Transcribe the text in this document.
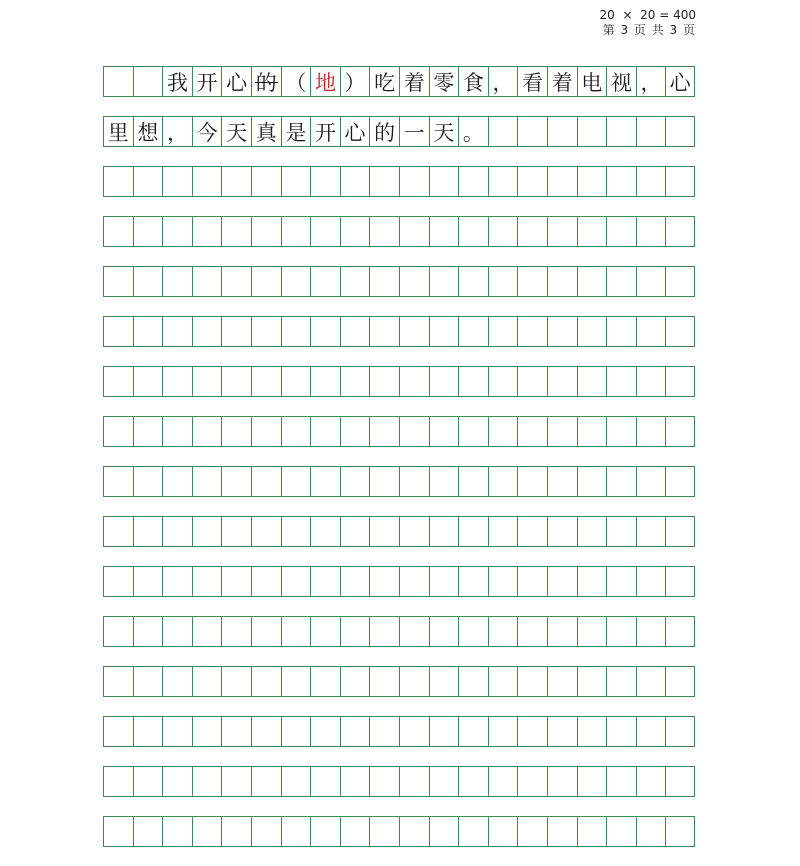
20  ×  20 = 400
第 3 页 共 3 页
我 开 心 的 （ 地 ） 吃 着 零 食 ， 看 着 电 视 ， 心
里 想 ， 今 天 真 是 开 心 的 一 天 。
